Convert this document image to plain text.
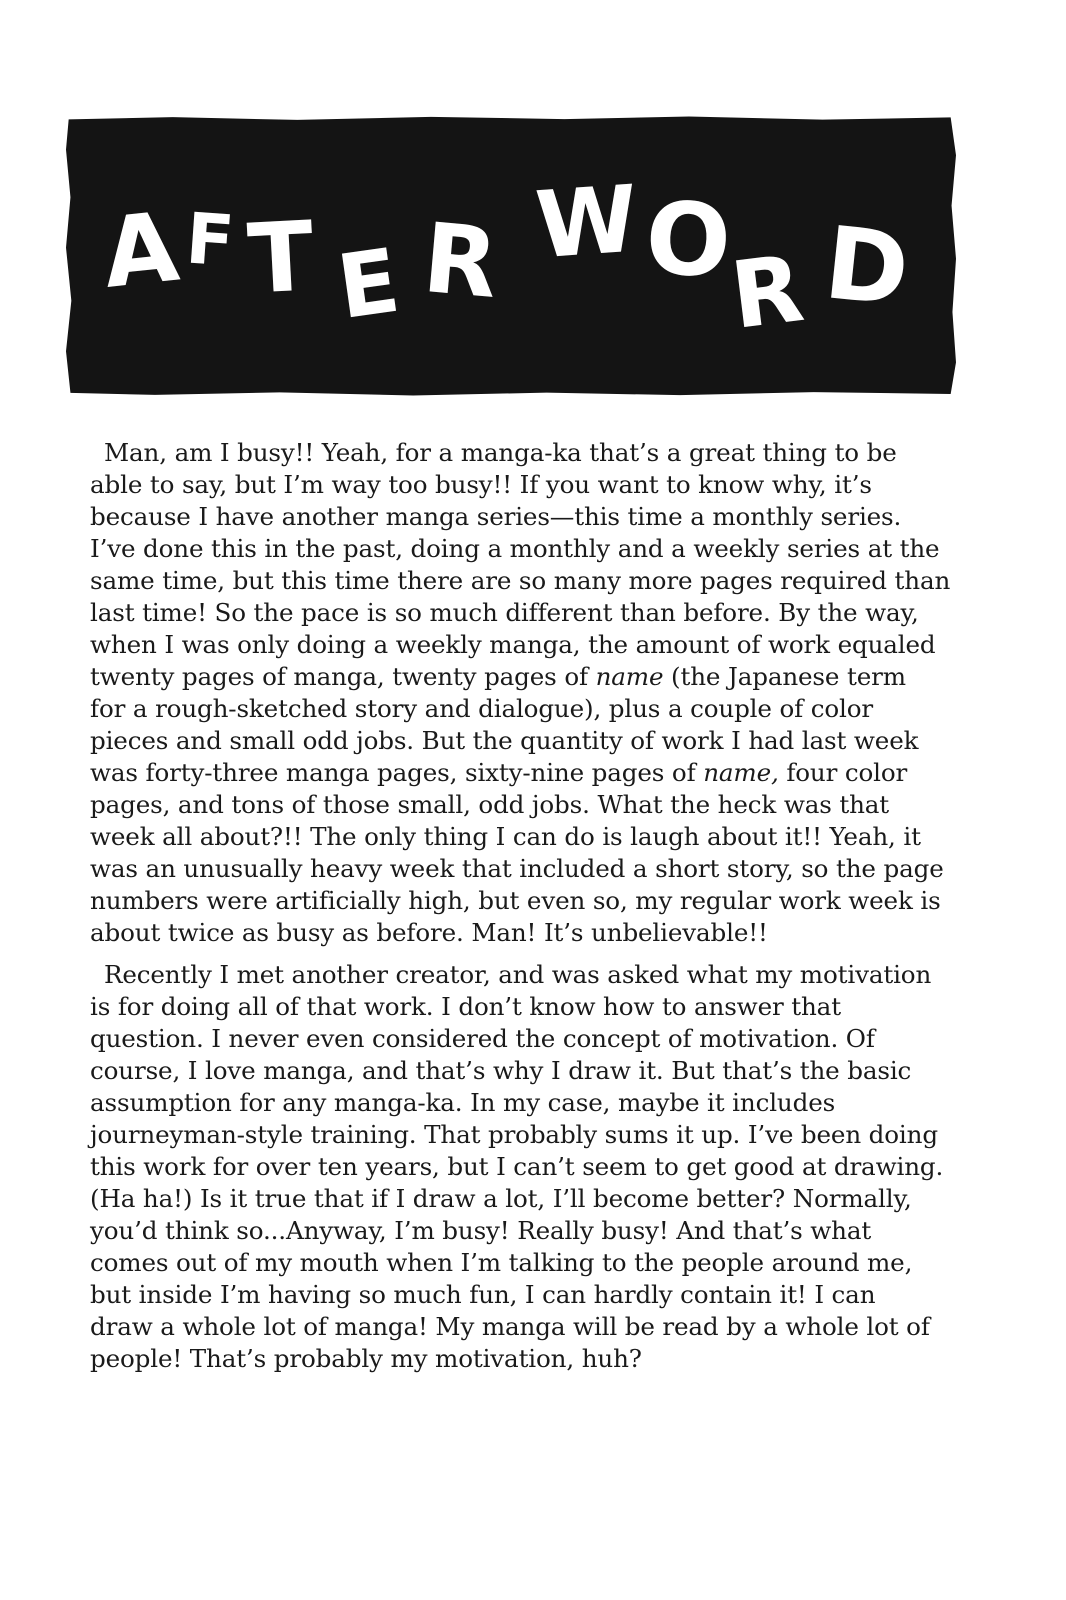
A F T E R W O
R D

Man, am I busy!! Yeah, for a manga-ka that’s a great thing to be
able to say, but I’m way too busy!! If you want to know why, it’s
because I have another manga series—this time a monthly series.
I’ve done this in the past, doing a monthly and a weekly series at the
same time, but this time there are so many more pages required than
last time! So the pace is so much different than before. By the way,
when I was only doing a weekly manga, the amount of work equaled
twenty pages of manga, twenty pages of name (the Japanese term
for a rough-sketched story and dialogue), plus a couple of color
pieces and small odd jobs. But the quantity of work I had last week
was forty-three manga pages, sixty-nine pages of name, four color
pages, and tons of those small, odd jobs. What the heck was that
week all about?!! The only thing I can do is laugh about it!! Yeah, it
was an unusually heavy week that included a short story, so the page
numbers were artificially high, but even so, my regular work week is
about twice as busy as before. Man! It’s unbelievable!!

Recently I met another creator, and was asked what my motivation
is for doing all of that work. I don’t know how to answer that
question. I never even considered the concept of motivation. Of
course, I love manga, and that’s why I draw it. But that’s the basic
assumption for any manga-ka. In my case, maybe it includes
journeyman-style training. That probably sums it up. I’ve been doing
this work for over ten years, but I can’t seem to get good at drawing.
(Ha ha!) Is it true that if I draw a lot, I’ll become better? Normally,
you’d think so...Anyway, I’m busy! Really busy! And that’s what
comes out of my mouth when I’m talking to the people around me,
but inside I’m having so much fun, I can hardly contain it! I can
draw a whole lot of manga! My manga will be read by a whole lot of
people! That’s probably my motivation, huh?
